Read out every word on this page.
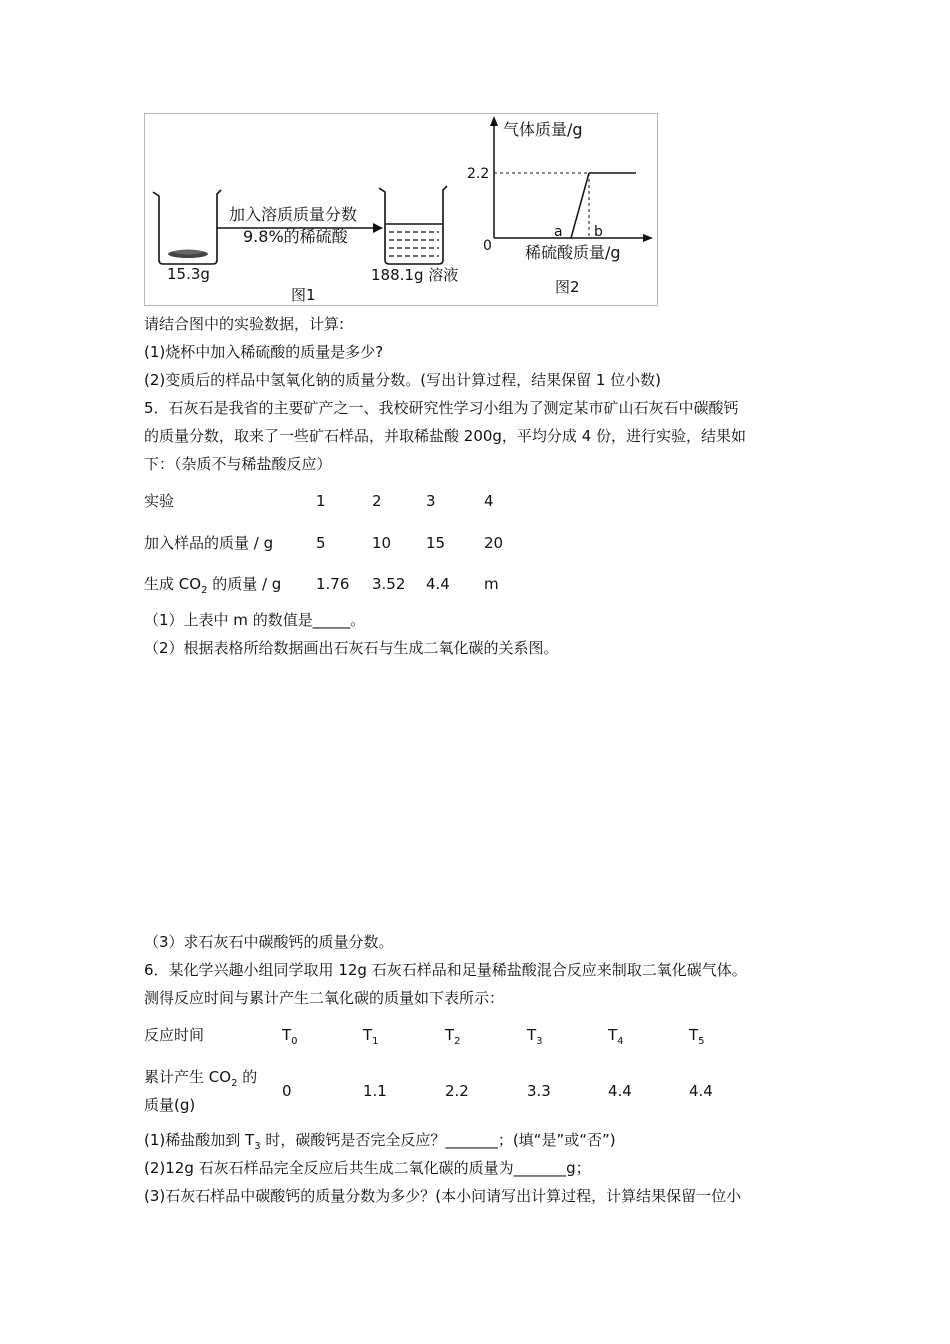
15.3g
加入溶质质量分数
9.8%的稀硫酸
188.1g 溶液
图1
气体质量/g
稀硫酸质量/g
0
2.2
a b
图2
请结合图中的实验数据，计算:
(1)烧杯中加入稀硫酸的质量是多少?
(2)变质后的样品中氢氧化钠的质量分数。(写出计算过程，结果保留 1 位小数)
5．石灰石是我省的主要矿产之一、我校研究性学习小组为了测定某市矿山石灰石中碳酸钙
的质量分数，取来了一些矿石样品，并取稀盐酸 200g，平均分成 4 份，进行实验，结果如
下：（杂质不与稀盐酸反应）
实验	1	2	3	4
加入样品的质量 / g	5	10 15	20
生成 $CO_2$ 的质量 / g 1.76 3.52 4.4 m
（1）上表中 m 的数值是_____。
（2）根据表格所给数据画出石灰石与生成二氧化碳的关系图。
（3）求石灰石中碳酸钙的质量分数。
6．某化学兴趣小组同学取用 12g 石灰石样品和足量稀盐酸混合反应来制取二氧化碳气体。
测得反应时间与累计产生二氧化碳的质量如下表所示：
反应时间	$T_0$	$T_1$	$T_2$	$T_3$	$T_4$	$T_5$
累计产生 $CO_2$ 的
质量(g)
0	1.1	2.2	3.3	4.4	4.4
(1)稀盐酸加到 $T_3$ 时，碳酸钙是否完全反应？_______；(填“是”或“否”)
(2)12g 石灰石样品完全反应后共生成二氧化碳的质量为_______g；
(3)石灰石样品中碳酸钙的质量分数为多少？(本小问请写出计算过程，计算结果保留一位小
